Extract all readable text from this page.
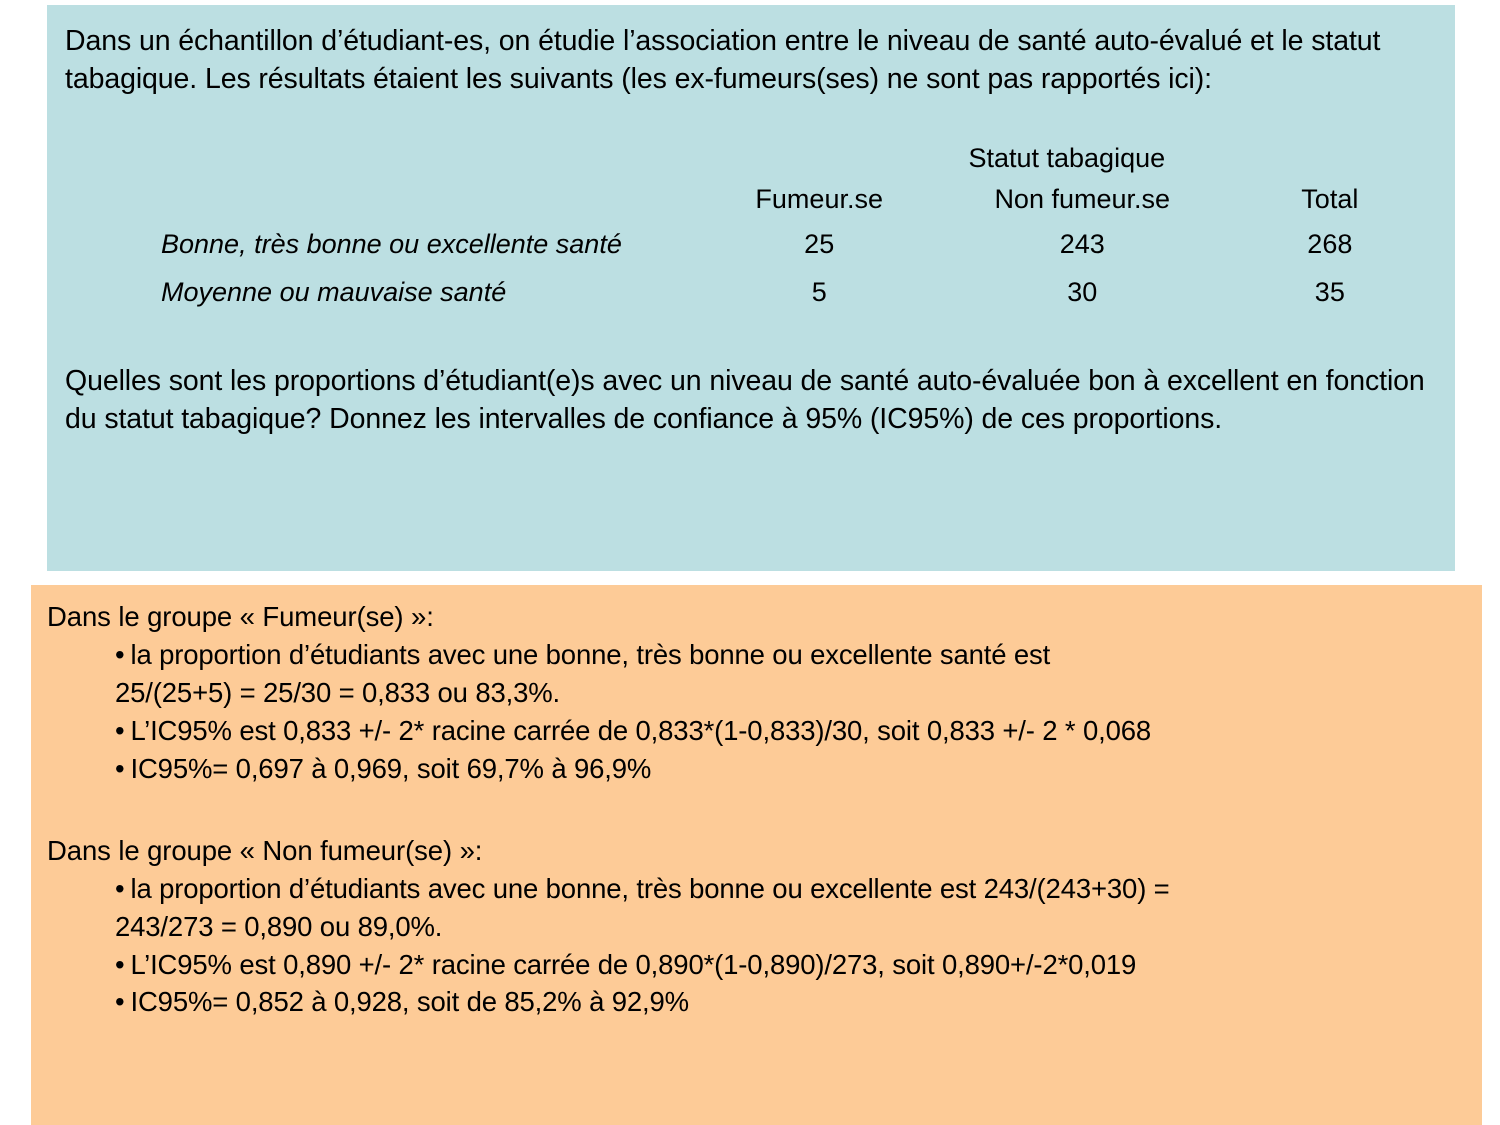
Dans un échantillon d’étudiant-es, on étudie l’association entre le niveau de santé auto-évalué et le statut tabagique. Les résultats étaient les suivants (les ex-fumeurs(ses) ne sont pas rapportés ici):

	Statut tabagique		
	Fumeur.se	Non fumeur.se	Total
Bonne, très bonne ou excellente santé	25	243	268
Moyenne ou mauvaise santé	5	30	35

Quelles sont les proportions d’étudiant(e)s avec un niveau de santé auto-évaluée bon à excellent en fonction du statut tabagique? Donnez les intervalles de confiance à 95% (IC95%) de ces proportions.

Dans le groupe « Fumeur(se) »:

• la proportion d’étudiants avec une bonne, très bonne ou excellente santé est

25/(25+5) = 25/30 = 0,833 ou 83,3%.

• L’IC95% est 0,833 +/- 2* racine carrée de 0,833*(1-0,833)/30, soit 0,833 +/- 2 * 0,068

• IC95%= 0,697 à 0,969, soit 69,7% à 96,9%

Dans le groupe « Non fumeur(se) »:

• la proportion d’étudiants avec une bonne, très bonne ou excellente est 243/(243+30) =

243/273 = 0,890 ou 89,0%.

• L’IC95% est 0,890 +/- 2* racine carrée de 0,890*(1-0,890)/273, soit 0,890+/-2*0,019

• IC95%= 0,852 à 0,928, soit de 85,2% à 92,9%
